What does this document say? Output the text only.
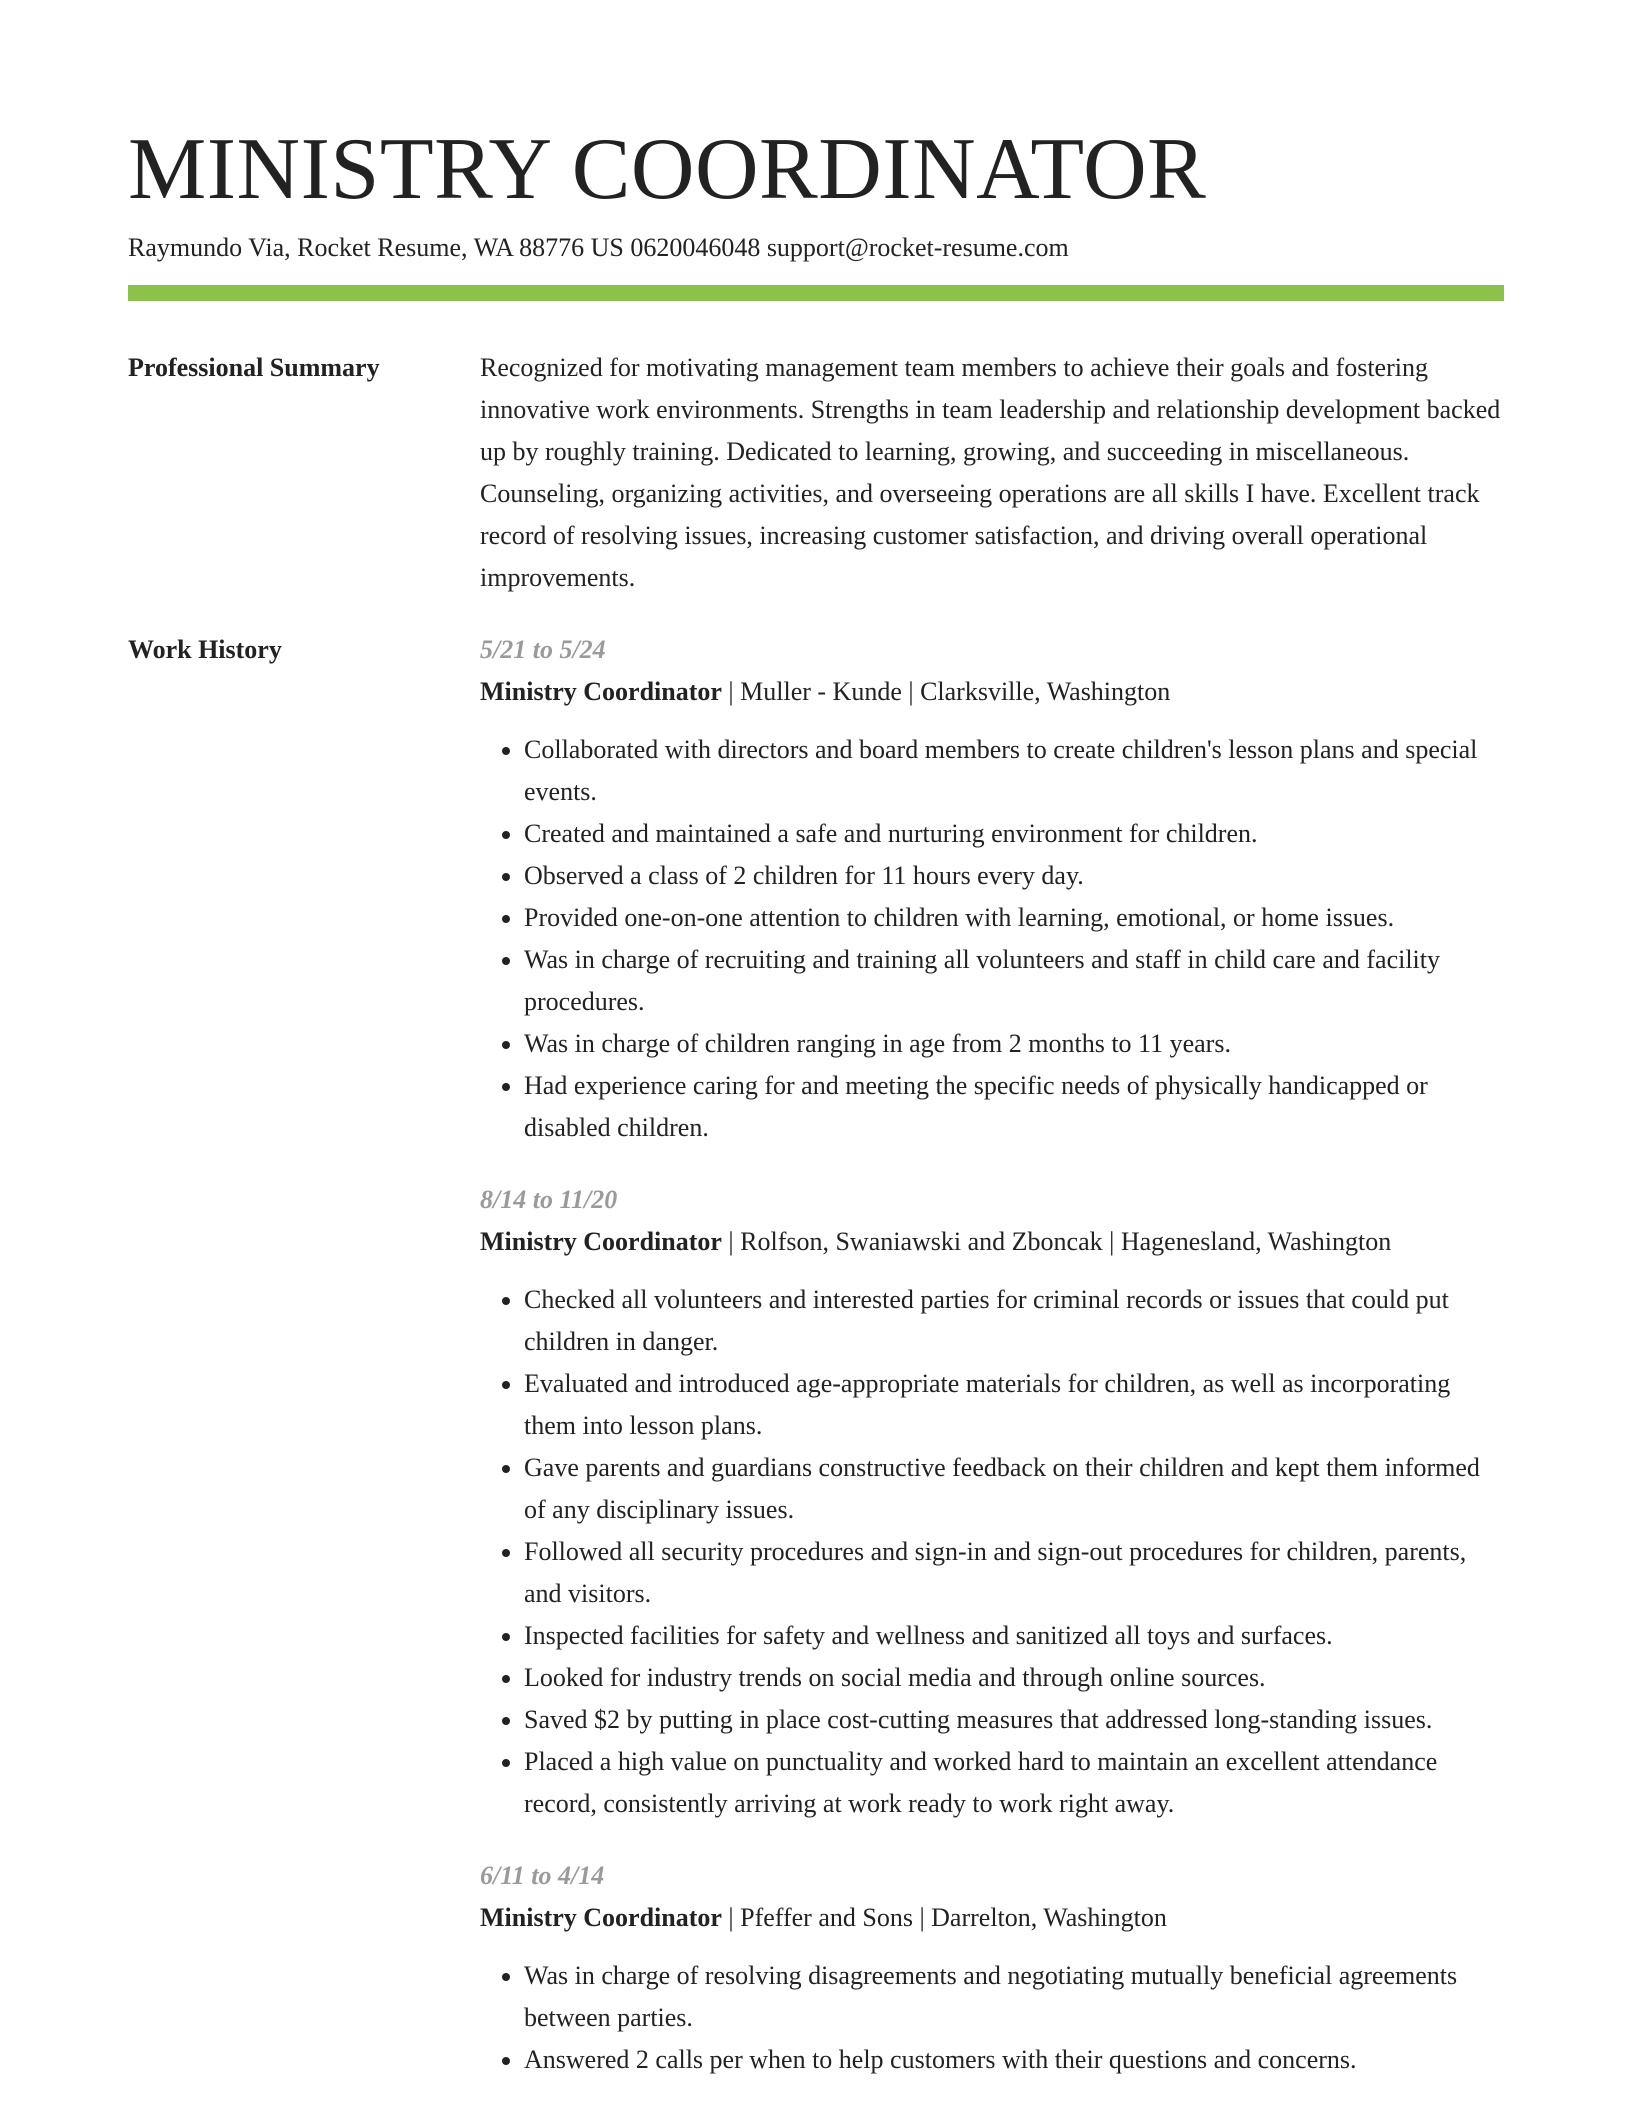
MINISTRY COORDINATOR
Raymundo Via, Rocket Resume, WA 88776 US 0620046048 support@rocket-resume.com
Professional Summary	Recognized for motivating management team members to achieve their goals and fostering innovative work environments. Strengths in team leadership and relationship development backed up by roughly training. Dedicated to learning, growing, and succeeding in miscellaneous. Counseling, organizing activities, and overseeing operations are all skills I have. Excellent track record of resolving issues, increasing customer satisfaction, and driving overall operational improvements.

Work History	5/21 to 5/24
Ministry Coordinator | Muller - Kunde | Clarksville, Washington
• Collaborated with directors and board members to create children's lesson plans and special events.
• Created and maintained a safe and nurturing environment for children.
• Observed a class of 2 children for 11 hours every day.
• Provided one-on-one attention to children with learning, emotional, or home issues.
• Was in charge of recruiting and training all volunteers and staff in child care and facility procedures.
• Was in charge of children ranging in age from 2 months to 11 years.
• Had experience caring for and meeting the specific needs of physically handicapped or disabled children.
8/14 to 11/20
Ministry Coordinator | Rolfson, Swaniawski and Zboncak | Hagenesland, Washington
• Checked all volunteers and interested parties for criminal records or issues that could put children in danger.
• Evaluated and introduced age-appropriate materials for children, as well as incorporating them into lesson plans.
• Gave parents and guardians constructive feedback on their children and kept them informed of any disciplinary issues.
• Followed all security procedures and sign-in and sign-out procedures for children, parents, and visitors.
• Inspected facilities for safety and wellness and sanitized all toys and surfaces.
• Looked for industry trends on social media and through online sources.
• Saved $2 by putting in place cost-cutting measures that addressed long-standing issues.
• Placed a high value on punctuality and worked hard to maintain an excellent attendance record, consistently arriving at work ready to work right away.
6/11 to 4/14
Ministry Coordinator | Pfeffer and Sons | Darrelton, Washington
• Was in charge of resolving disagreements and negotiating mutually beneficial agreements between parties.
• Answered 2 calls per when to help customers with their questions and concerns.
